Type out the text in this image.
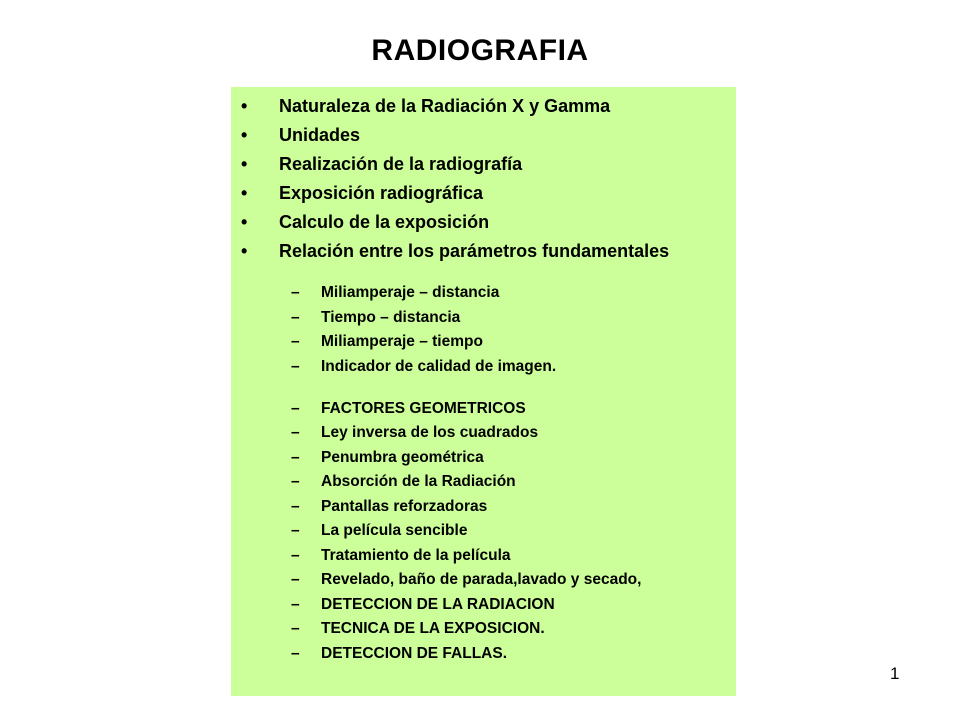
RADIOGRAFIA
• Naturaleza de la Radiación X y Gamma
• Unidades
• Realización de la radiografía
• Exposición radiográfica
• Calculo de la exposición
• Relación entre los parámetros fundamentales
– Miliamperaje – distancia
– Tiempo – distancia
– Miliamperaje – tiempo
– Indicador de calidad de imagen.
– FACTORES GEOMETRICOS
– Ley inversa de los cuadrados
– Penumbra geométrica
– Absorción de la Radiación
– Pantallas reforzadoras
– La película sencible
– Tratamiento de la película
– Revelado, baño de parada,lavado y secado,
– DETECCION DE LA RADIACION
– TECNICA DE LA EXPOSICION.
– DETECCION DE FALLAS.
1
